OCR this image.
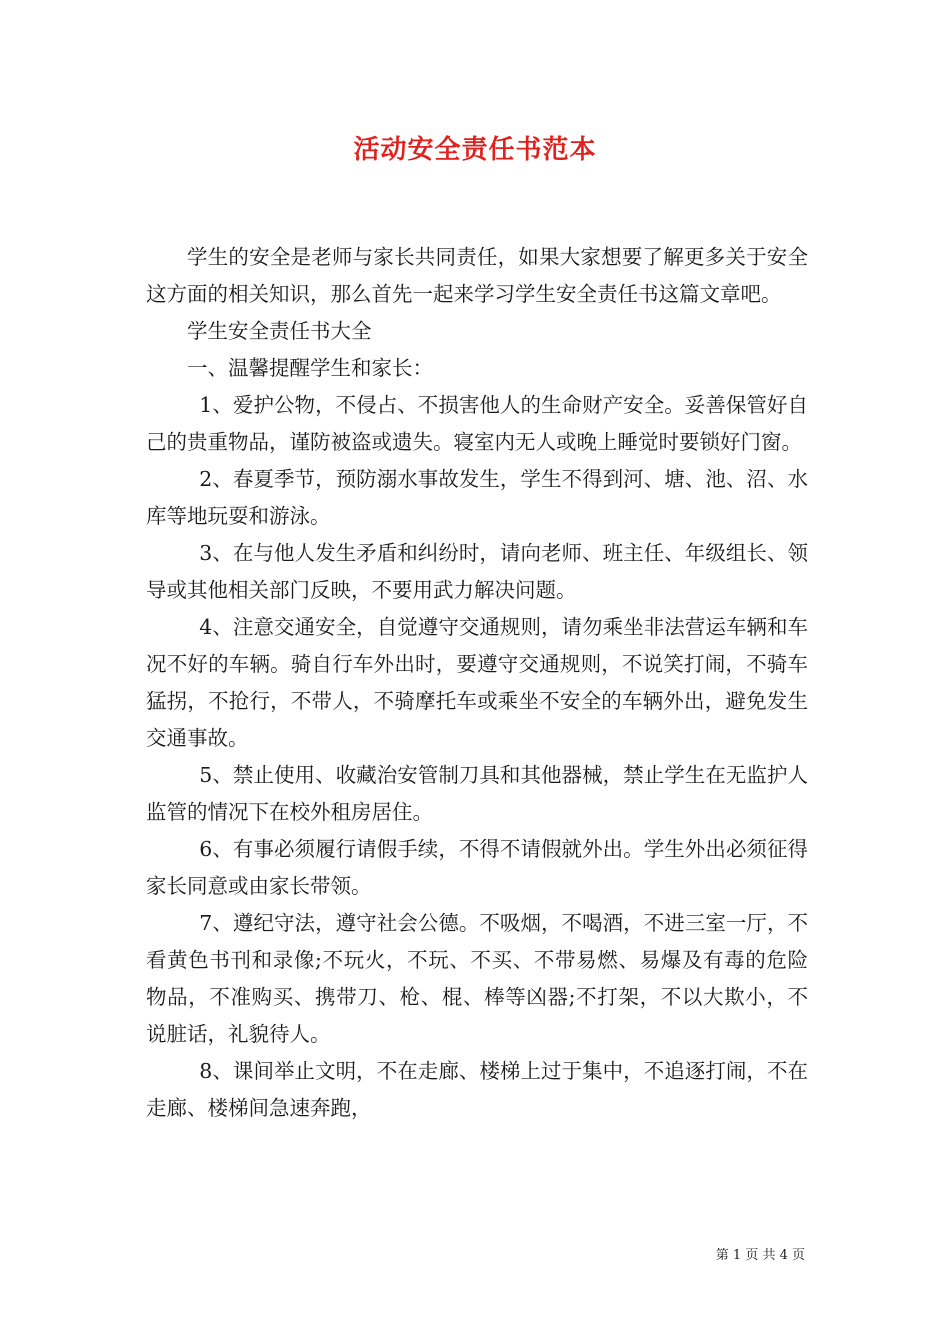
活动安全责任书范本

学生的安全是老师与家长共同责任，如果大家想要了解更多关于安全这方面的相关知识，那么首先一起来学习学生安全责任书这篇文章吧。

学生安全责任书大全

一、温馨提醒学生和家长：

1、爱护公物，不侵占、不损害他人的生命财产安全。妥善保管好自己的贵重物品，谨防被盗或遗失。寝室内无人或晚上睡觉时要锁好门窗。

2、春夏季节，预防溺水事故发生，学生不得到河、塘、池、沼、水库等地玩耍和游泳。

3、在与他人发生矛盾和纠纷时，请向老师、班主任、年级组长、领导或其他相关部门反映，不要用武力解决问题。

4、注意交通安全，自觉遵守交通规则，请勿乘坐非法营运车辆和车况不好的车辆。骑自行车外出时，要遵守交通规则，不说笑打闹，不骑车猛拐，不抢行，不带人，不骑摩托车或乘坐不安全的车辆外出，避免发生交通事故。

5、禁止使用、收藏治安管制刀具和其他器械，禁止学生在无监护人监管的情况下在校外租房居住。

6、有事必须履行请假手续，不得不请假就外出。学生外出必须征得家长同意或由家长带领。

7、遵纪守法，遵守社会公德。不吸烟，不喝酒，不进三室一厅，不看黄色书刊和录像;不玩火，不玩、不买、不带易燃、易爆及有毒的危险物品，不准购买、携带刀、枪、棍、棒等凶器;不打架，不以大欺小，不说脏话，礼貌待人。

8、课间举止文明，不在走廊、楼梯上过于集中，不追逐打闹，不在走廊、楼梯间急速奔跑，

第 1 页 共 4 页
